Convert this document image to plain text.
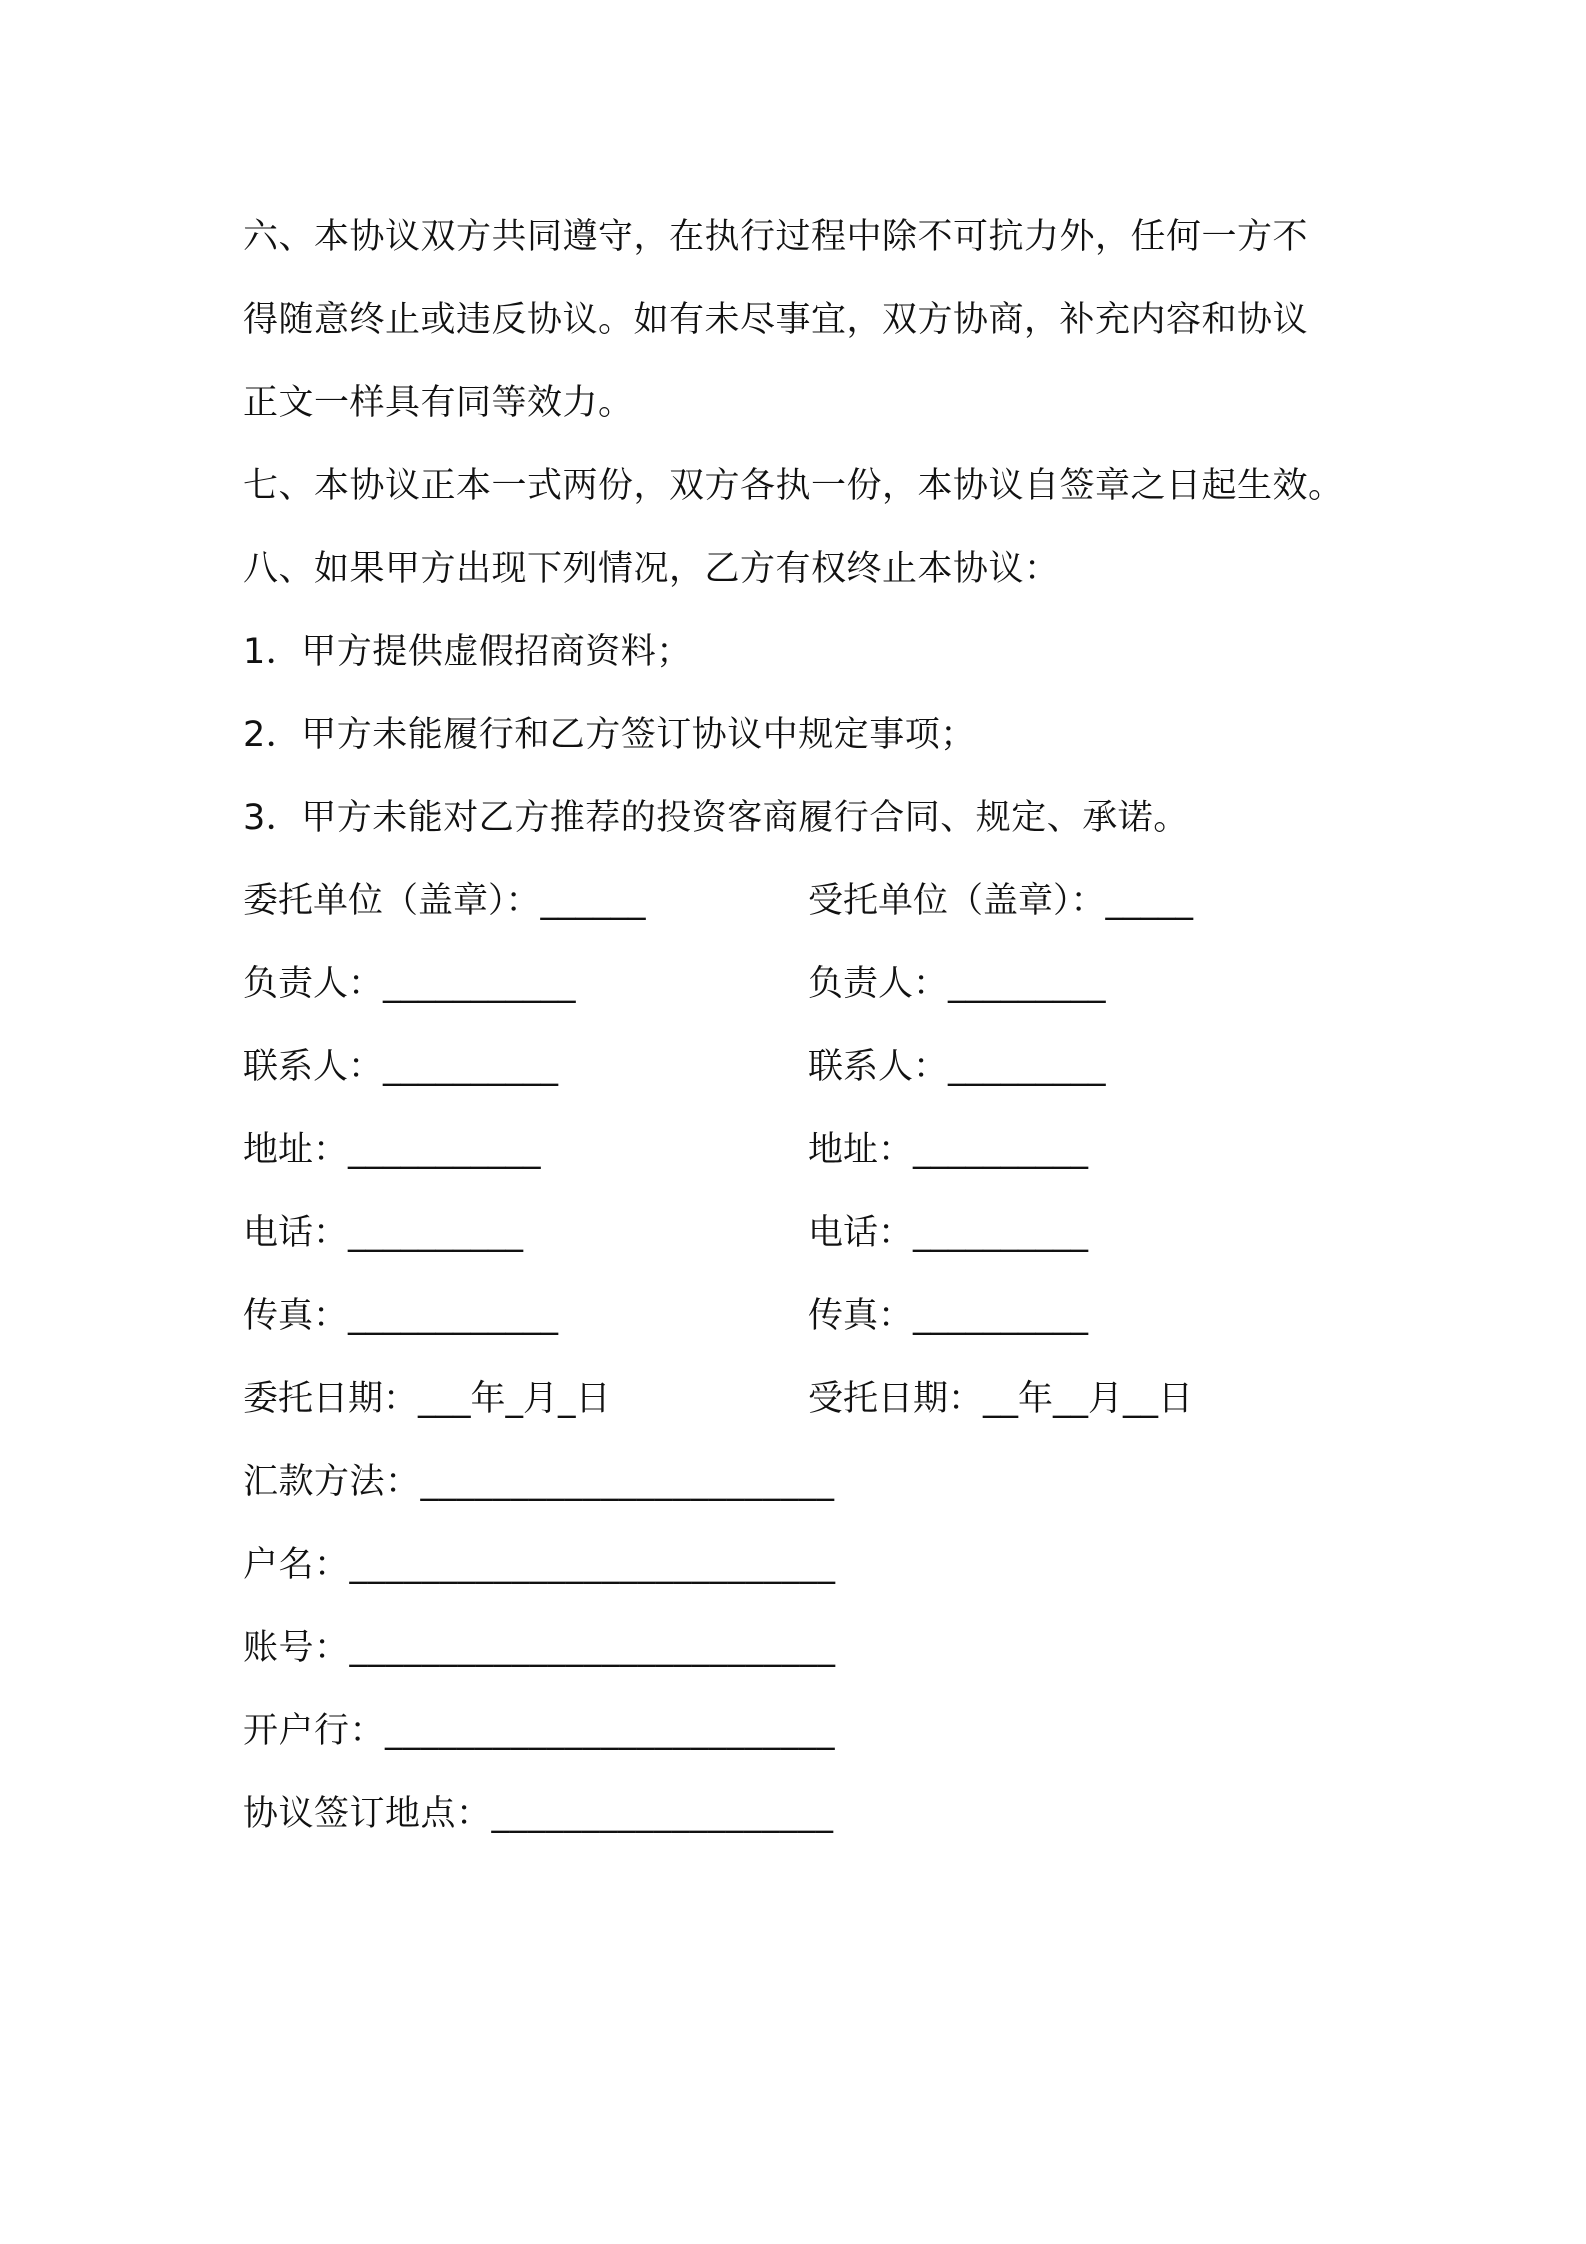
六、本协议双方共同遵守，在执行过程中除不可抗力外，任何一方不
得随意终止或违反协议。如有未尽事宜，双方协商，补充内容和协议
正文一样具有同等效力。
七、本协议正本一式两份，双方各执一份，本协议自签章之日起生效。
八、如果甲方出现下列情况，乙方有权终止本协议：
1．甲方提供虚假招商资料；
2．甲方未能履行和乙方签订协议中规定事项；
3．甲方未能对乙方推荐的投资客商履行合同、规定、承诺。
委托单位（盖章）：______	受托单位（盖章）：_____
负责人：___________	负责人：_________
联系人：__________	联系人：_________
地址：___________	地址：__________
电话：__________	电话：__________
传真：____________	传真：__________
委托日期：___年_月_日	受托日期：__年__月__日
汇款方法：_______________________
户名：___________________________
账号：___________________________
开户行：_________________________
协议签订地点：___________________
